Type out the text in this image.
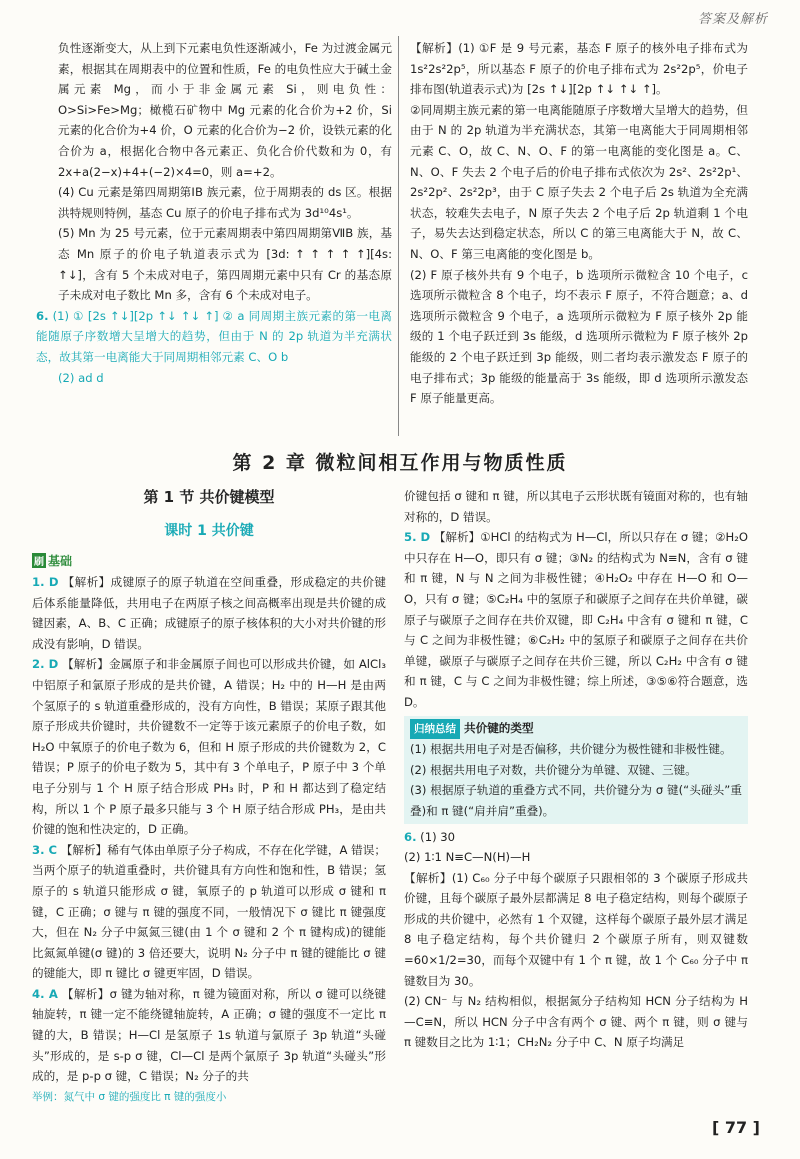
答案及解析

负性逐渐变大，从上到下元素电负性逐渐减小，Fe 为过渡金属元素，根据其在周期表中的位置和性质，Fe 的电负性应大于碱土金属元素 Mg，而小于非金属元素 Si，则电负性：O>Si>Fe>Mg；橄榄石矿物中 Mg 元素的化合价为+2 价，Si 元素的化合价为+4 价，O 元素的化合价为−2 价，设铁元素的化合价为 a，根据化合物中各元素正、负化合价代数和为 0，有 2x+a(2−x)+4+(−2)×4=0，则 a=+2。

(4) Cu 元素是第四周期第ⅠB 族元素，位于周期表的 ds 区。根据洪特规则特例，基态 Cu 原子的价电子排布式为 3d¹⁰4s¹。

(5) Mn 为 25 号元素，位于元素周期表中第四周期第ⅦB 族，基态 Mn 原子的价电子轨道表示式为 [3d: ↑ ↑ ↑ ↑ ↑][4s: ↑↓]，含有 5 个未成对电子，第四周期元素中只有 Cr 的基态原子未成对电子数比 Mn 多，含有 6 个未成对电子。

6. (1) ① [2s ↑↓][2p ↑↓ ↑↓ ↑] ② a 同周期主族元素的第一电离能随原子序数增大呈增大的趋势，但由于 N 的 2p 轨道为半充满状态，故其第一电离能大于同周期相邻元素 C、O b

(2) ad d

【解析】(1) ①F 是 9 号元素，基态 F 原子的核外电子排布式为 1s²2s²2p⁵，所以基态 F 原子的价电子排布式为 2s²2p⁵，价电子排布图(轨道表示式)为 [2s ↑↓][2p ↑↓ ↑↓ ↑]。

②同周期主族元素的第一电离能随原子序数增大呈增大的趋势，但由于 N 的 2p 轨道为半充满状态，其第一电离能大于同周期相邻元素 C、O，故 C、N、O、F 的第一电离能的变化图是 a。C、N、O、F 失去 2 个电子后的价电子排布式依次为 2s²、2s²2p¹、2s²2p²、2s²2p³，由于 C 原子失去 2 个电子后 2s 轨道为全充满状态，较难失去电子，N 原子失去 2 个电子后 2p 轨道剩 1 个电子，易失去达到稳定状态，所以 C 的第三电离能大于 N，故 C、N、O、F 第三电离能的变化图是 b。

(2) F 原子核外共有 9 个电子，b 选项所示微粒含 10 个电子，c 选项所示微粒含 8 个电子，均不表示 F 原子，不符合题意；a、d 选项所示微粒含 9 个电子，a 选项所示微粒为 F 原子核外 2p 能级的 1 个电子跃迁到 3s 能级，d 选项所示微粒为 F 原子核外 2p 能级的 2 个电子跃迁到 3p 能级，则二者均表示激发态 F 原子的电子排布式；3p 能级的能量高于 3s 能级，即 d 选项所示激发态 F 原子能量更高。

第 2 章 微粒间相互作用与物质性质
第 1 节 共价键模型
课时 1 共价键
刷 基础

1. D 【解析】成键原子的原子轨道在空间重叠，形成稳定的共价键后体系能量降低，共用电子在两原子核之间高概率出现是共价键的成键因素，A、B、C 正确；成键原子的原子核体积的大小对共价键的形成没有影响，D 错误。

2. D 【解析】金属原子和非金属原子间也可以形成共价键，如 AlCl₃ 中铝原子和氯原子形成的是共价键，A 错误；H₂ 中的 H—H 是由两个氢原子的 s 轨道重叠形成的，没有方向性，B 错误；某原子跟其他原子形成共价键时，共价键数不一定等于该元素原子的价电子数，如 H₂O 中氧原子的价电子数为 6，但和 H 原子形成的共价键数为 2，C 错误；P 原子的价电子数为 5，其中有 3 个单电子，P 原子中 3 个单电子分别与 1 个 H 原子结合形成 PH₃ 时，P 和 H 都达到了稳定结构，所以 1 个 P 原子最多只能与 3 个 H 原子结合形成 PH₃，是由共价键的饱和性决定的，D 正确。

3. C 【解析】稀有气体由单原子分子构成，不存在化学键，A 错误；当两个原子的轨道重叠时，共价键具有方向性和饱和性，B 错误；氢原子的 s 轨道只能形成 σ 键，氧原子的 p 轨道可以形成 σ 键和 π 键，C 正确；σ 键与 π 键的强度不同，一般情况下 σ 键比 π 键强度大，但在 N₂ 分子中氮氮三键(由 1 个 σ 键和 2 个 π 键构成)的键能比氮氮单键(σ 键)的 3 倍还要大，说明 N₂ 分子中 π 键的键能比 σ 键的键能大，即 π 键比 σ 键更牢固，D 错误。

4. A 【解析】σ 键为轴对称，π 键为镜面对称，所以 σ 键可以绕键轴旋转，π 键一定不能绕键轴旋转，A 正确；σ 键的强度不一定比 π 键的大，B 错误；H—Cl 是氢原子 1s 轨道与氯原子 3p 轨道“头碰头”形成的，是 s-p σ 键，Cl—Cl 是两个氯原子 3p 轨道“头碰头”形成的，是 p-p σ 键，C 错误；N₂ 分子的共

举例：氮气中 σ 键的强度比 π 键的强度小

价键包括 σ 键和 π 键，所以其电子云形状既有镜面对称的，也有轴对称的，D 错误。

5. D 【解析】①HCl 的结构式为 H—Cl，所以只存在 σ 键；②H₂O 中只存在 H—O，即只有 σ 键；③N₂ 的结构式为 N≡N，含有 σ 键和 π 键，N 与 N 之间为非极性键；④H₂O₂ 中存在 H—O 和 O—O，只有 σ 键；⑤C₂H₄ 中的氢原子和碳原子之间存在共价单键，碳原子与碳原子之间存在共价双键，即 C₂H₄ 中含有 σ 键和 π 键，C 与 C 之间为非极性键；⑥C₂H₂ 中的氢原子和碳原子之间存在共价单键，碳原子与碳原子之间存在共价三键，所以 C₂H₂ 中含有 σ 键和 π 键，C 与 C 之间为非极性键；综上所述，③⑤⑥符合题意，选 D。

归纳总结 共价键的类型

(1) 根据共用电子对是否偏移，共价键分为极性键和非极性键。

(2) 根据共用电子对数，共价键分为单键、双键、三键。

(3) 根据原子轨道的重叠方式不同，共价键分为 σ 键(“头碰头”重叠)和 π 键(“肩并肩”重叠)。

6. (1) 30

(2) 1∶1 N≡C—N(H)—H

【解析】(1) C₆₀ 分子中每个碳原子只跟相邻的 3 个碳原子形成共价键，且每个碳原子最外层都满足 8 电子稳定结构，则每个碳原子形成的共价键中，必然有 1 个双键，这样每个碳原子最外层才满足 8 电子稳定结构，每个共价键归 2 个碳原子所有，则双键数=60×1/2=30，而每个双键中有 1 个 π 键，故 1 个 C₆₀ 分子中 π 键数目为 30。

(2) CN⁻ 与 N₂ 结构相似，根据氮分子结构知 HCN 分子结构为 H—C≡N，所以 HCN 分子中含有两个 σ 键、两个 π 键，则 σ 键与 π 键数目之比为 1∶1；CH₂N₂ 分子中 C、N 原子均满足

[ 77 ]
